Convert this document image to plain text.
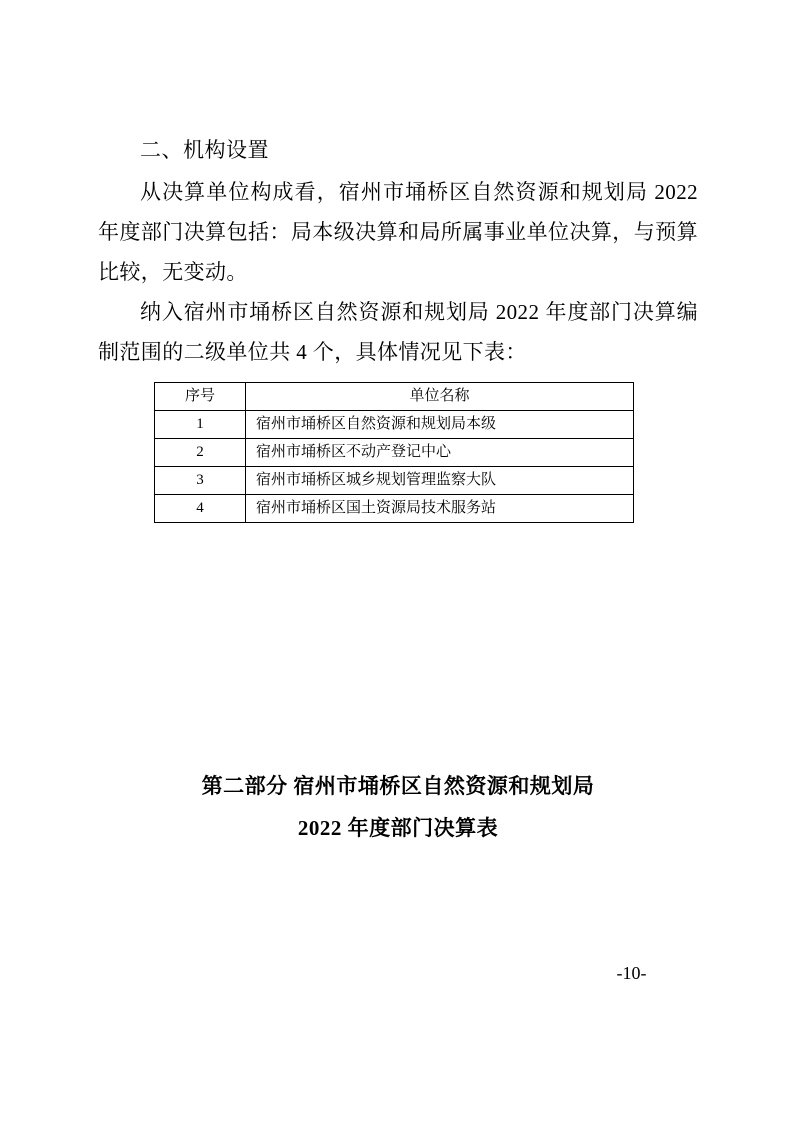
二、机构设置

从决算单位构成看，宿州市埇桥区自然资源和规划局 2022 年度部门决算包括：局本级决算和局所属事业单位决算，与预算比较，无变动。

纳入宿州市埇桥区自然资源和规划局 2022 年度部门决算编制范围的二级单位共 4 个，具体情况见下表：

序号	单位名称
1	宿州市埇桥区自然资源和规划局本级
2	宿州市埇桥区不动产登记中心
3	宿州市埇桥区城乡规划管理监察大队
4	宿州市埇桥区国土资源局技术服务站
第二部分 宿州市埇桥区自然资源和规划局
2022 年度部门决算表
-10-
